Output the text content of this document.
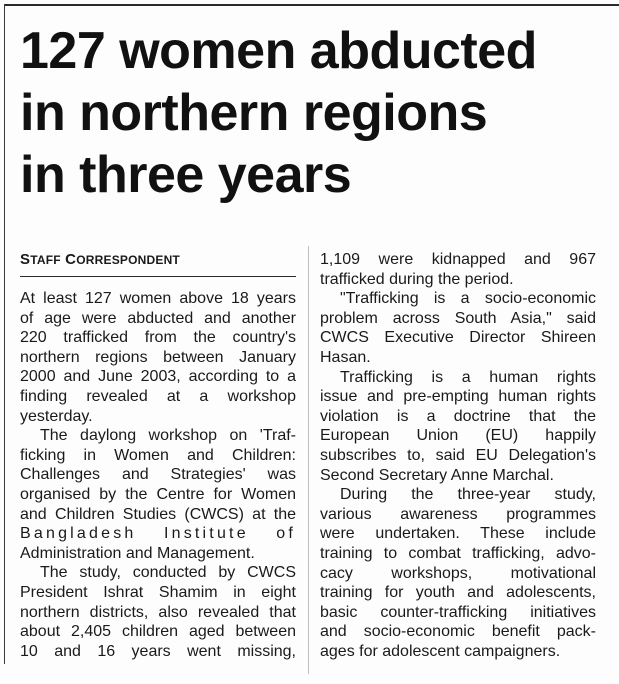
127 women abducted
in northern regions
in three years
STAFF CORRESPONDENT
At least 127 women above 18 years
of age were abducted and another
220 trafficked from the country's
northern regions between January
2000 and June 2003, according to a
finding revealed at a workshop
yesterday.
The daylong workshop on 'Traf-
ficking in Women and Children:
Challenges and Strategies' was
organised by the Centre for Women
and Children Studies (CWCS) at the
Bangladesh Institute of
Administration and Management.
The study, conducted by CWCS
President Ishrat Shamim in eight
northern districts, also revealed that
about 2,405 children aged between
10 and 16 years went missing,
1,109 were kidnapped and 967
trafficked during the period.
"Trafficking is a socio-economic
problem across South Asia," said
CWCS Executive Director Shireen
Hasan.
Trafficking is a human rights
issue and pre-empting human rights
violation is a doctrine that the
European Union (EU) happily
subscribes to, said EU Delegation's
Second Secretary Anne Marchal.
During the three-year study,
various awareness programmes
were undertaken. These include
training to combat trafficking, advo-
cacy workshops, motivational
training for youth and adolescents,
basic counter-trafficking initiatives
and socio-economic benefit pack-
ages for adolescent campaigners.
